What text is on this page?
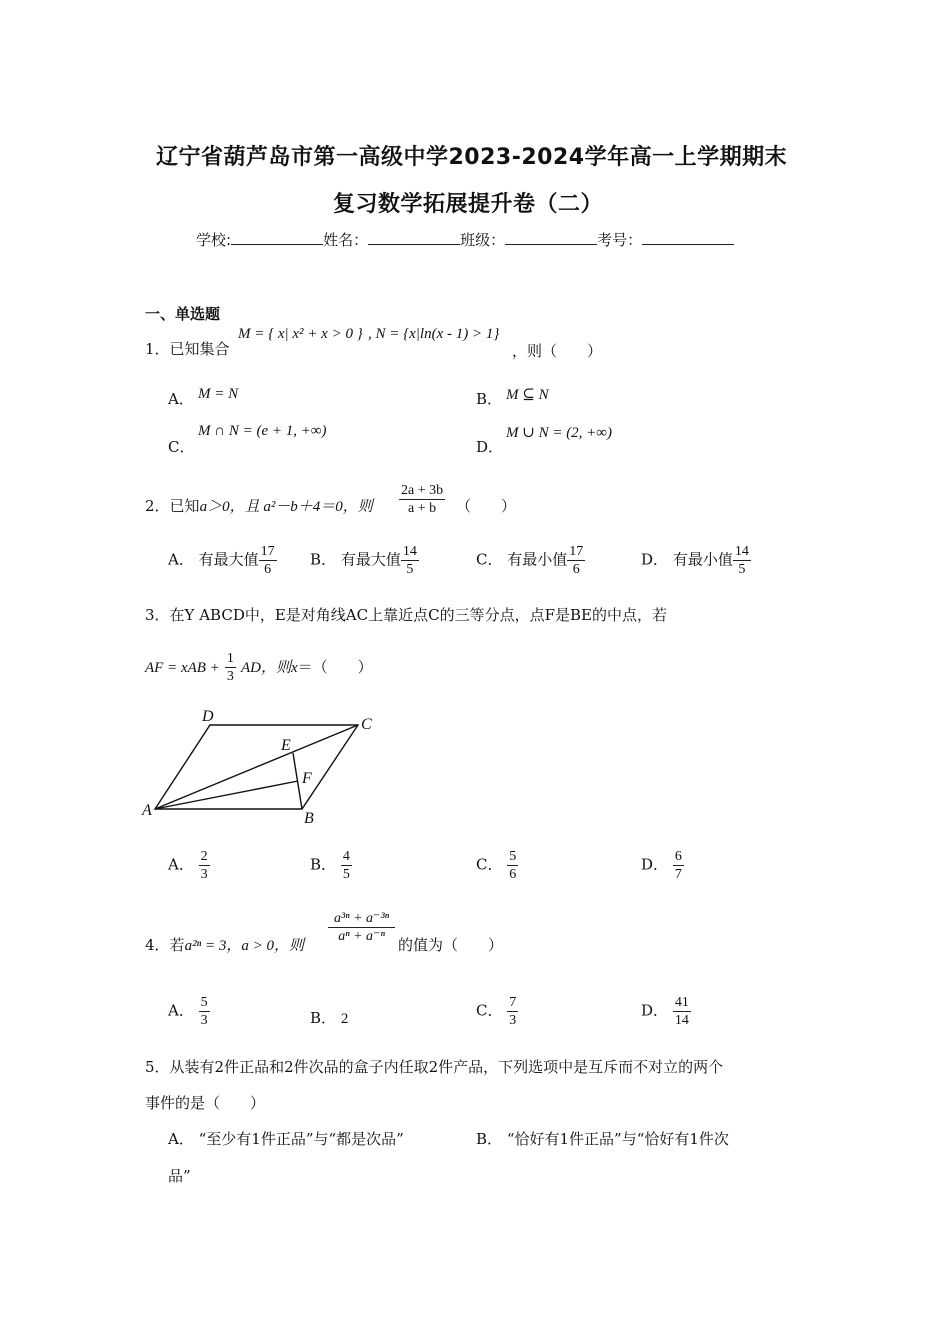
辽宁省葫芦岛市第一高级中学2023-2024学年高一上学期期末
复习数学拓展提升卷（二）
学校:	姓名：	班级：	考号：
一、单选题
1．已知集合
M = { x| x² + x > 0 } , N = {x|ln(x - 1) > 1}
，则（　　）
A． M = N	B． M ⊆ N
C．
M ∩ N = (e + 1, +∞)
D．
M ∪ N = (2, +∞)
2．已知a＞0，且 a²－b＋4＝0，则 $\frac{2a + 3b}{a + b}$ （　　）
A． 有最大值 $\frac{17}{6}$ B． 有最大值 $\frac{14}{5}$	C． 有最小值 $\frac{17}{6}$	D． 有最小值 $\frac{14}{5}$
3．在Y ABCD中，E是对角线AC上靠近点C的三等分点，点F是BE的中点，若
AF = xAB + $\frac{1}{3}$ AD，则x＝（　　）
A	B
C
D
E
F
A． $\frac{2}{3}$	B． $\frac{4}{5}$	C． $\frac{5}{6}$	D． $\frac{6}{7}$
4．若a²ⁿ = 3，a > 0，则
$\frac{\text{a³ⁿ + a⁻³ⁿ}}{\text{aⁿ + a⁻ⁿ}}$ 的值为（　　）
A． $\frac{5}{3}$	B． 2	C． $\frac{7}{3}$	D． $\frac{41}{14}$
5．从装有2件正品和2件次品的盒子内任取2件产品，下列选项中是互斥而不对立的两个
事件的是（　　）
A． “至少有1件正品”与“都是次品”	B． “恰好有1件正品”与“恰好有1件次
品”
